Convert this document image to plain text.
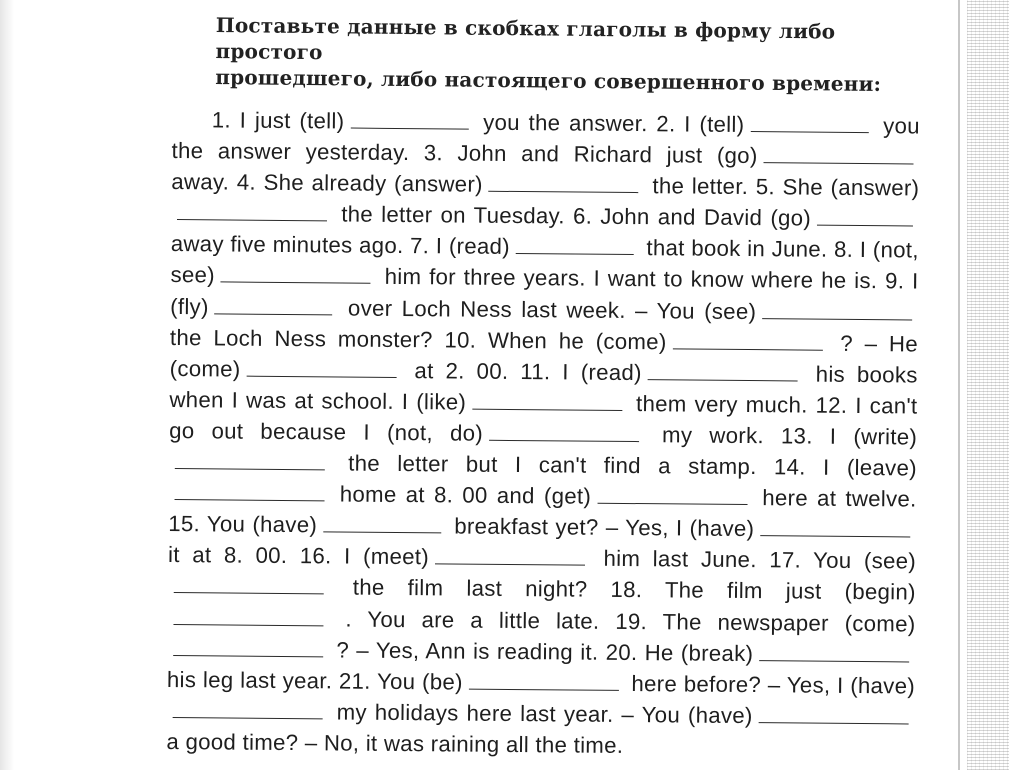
Поставьте данные в скобках глаголы в форму либо простого
прошедшего, либо настоящего совершенного времени:
1. I just (tell)	you the answer. 2. I (tell)	you the answer yesterday. 3. John and Richard just (go) away. 4. She already (answer)	the letter. 5. She (answer) the letter on Tuesday. 6. John and David (go) away five minutes ago. 7. I (read)	that book in June. 8. I (not, see)	him for three years. I want to know where he is. 9. I (fly)	over Loch Ness last week. – You (see) the Loch Ness monster? 10. When he (come)	? – He (come)	at 2. 00. 11. I (read)	his books when I was at school. I (like)	them very much. 12. I can't go out because I (not, do)	my work. 13. I (write) the letter but I can't find a stamp. 14. I (leave) home at 8. 00 and (get)	here at twelve. 15. You (have)	breakfast yet? – Yes, I (have) it at 8. 00. 16. I (meet)	him last June. 17. You (see) the film last night? 18. The film just (begin) . You are a little late. 19. The newspaper (come) ? – Yes, Ann is reading it. 20. He (break) his leg last year. 21. You (be)	here before? – Yes, I (have) my holidays here last year. – You (have) a good time? – No, it was raining all the time.
